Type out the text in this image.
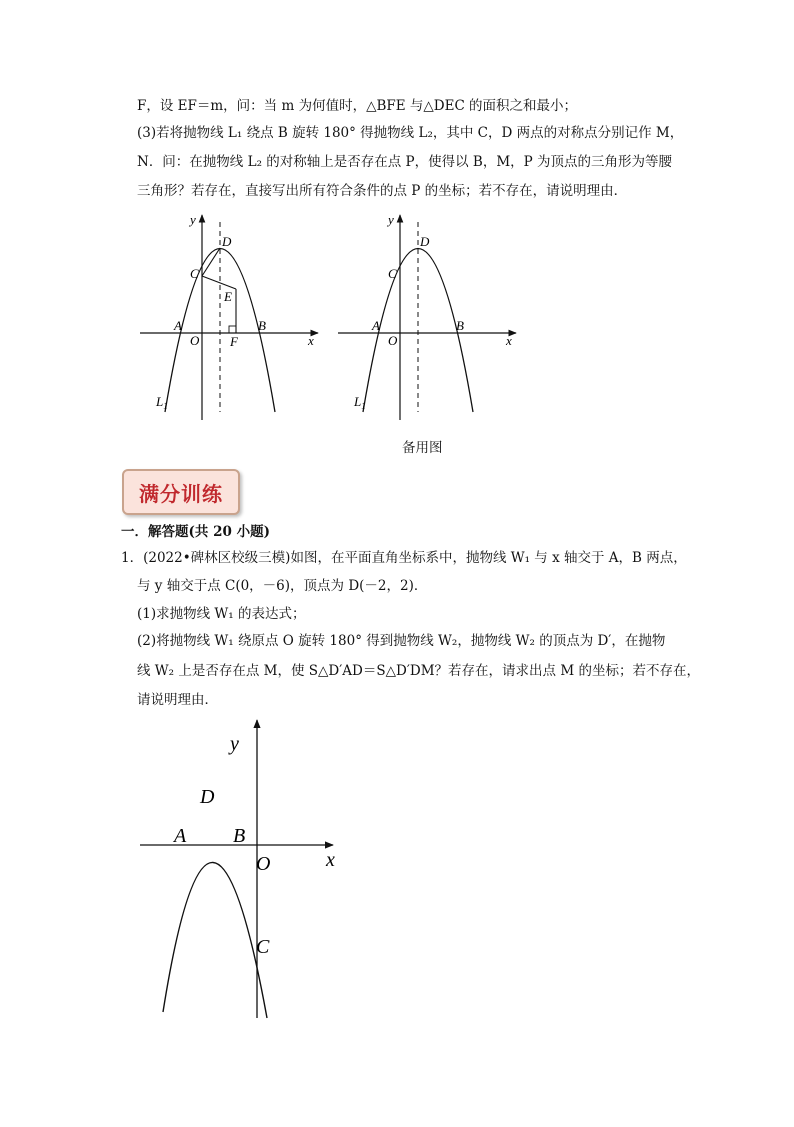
F，设 EF＝m，问：当 m 为何值时，△BFE 与△DEC 的面积之和最小；
(3)若将抛物线 L₁ 绕点 B 旋转 180° 得抛物线 L₂，其中 C，D 两点的对称点分别记作 M，
N．问：在抛物线 L₂ 的对称轴上是否存在点 P，使得以 B，M，P 为顶点的三角形为等腰
三角形？若存在，直接写出所有符合条件的点 P 的坐标；若不存在，请说明理由．
y
x
O
A	B
C
D
E
F
$L_1$
y
x
O
A	B
C
D
$L_1$
y
x
O
A B
C
D
备用图
满分训练
一．解答题(共 20 小题)
1．(2022•碑林区校级三模)如图，在平面直角坐标系中，抛物线 W₁ 与 x 轴交于 A，B 两点，
与 y 轴交于点 C(0，－6)，顶点为 D(－2，2)．
(1)求抛物线 W₁ 的表达式；
(2)将抛物线 W₁ 绕原点 O 旋转 180° 得到抛物线 W₂，抛物线 W₂ 的顶点为 D′，在抛物
线 W₂ 上是否存在点 M，使 S△D′AD＝S△D′DM？若存在，请求出点 M 的坐标；若不存在，
请说明理由．
